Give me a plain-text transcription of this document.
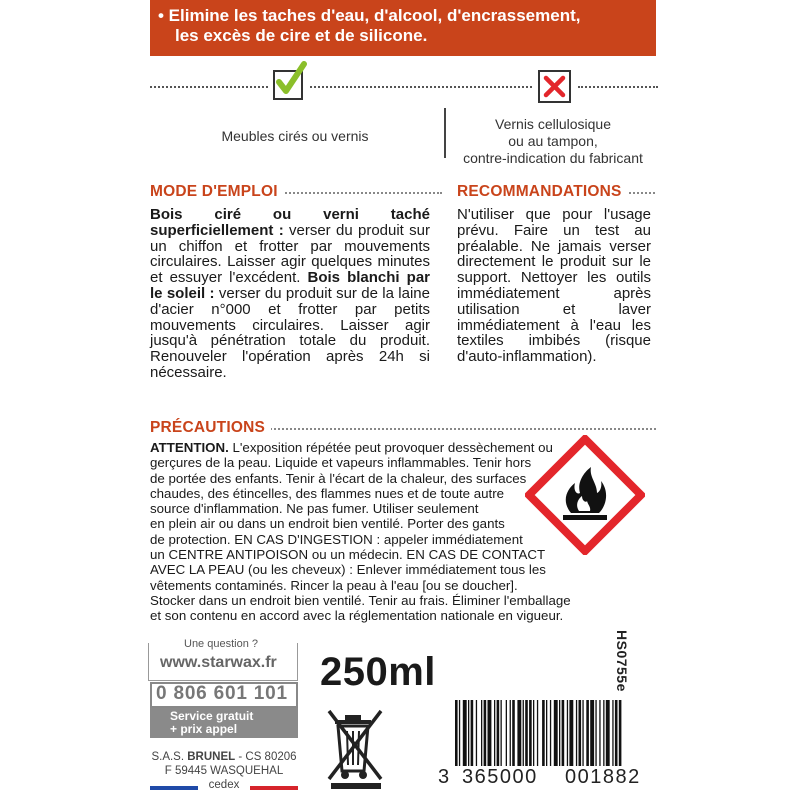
• Elimine les taches d'eau, d'alcool, d'encrassement,
les excès de cire et de silicone.
Meubles cirés ou vernis
Vernis cellulosique
ou au tampon,
contre-indication du fabricant
MODE D'EMPLOI
Bois ciré ou verni taché superficiellement : verser du produit sur un chiffon et frotter par mouvements circulaires. Laisser agir quelques minutes et essuyer l'excédent. Bois blanchi par le soleil : verser du produit sur de la laine d'acier n°000 et frotter par petits mouvements circulaires. Laisser agir jusqu'à pénétration totale du produit. Renouveler l'opération après 24h si nécessaire.
RECOMMANDATIONS
N'utiliser que pour l'usage prévu. Faire un test au préalable. Ne jamais verser directement le produit sur le support. Nettoyer les outils immédiatement après utilisation et laver immédiatement à l'eau les textiles imbibés (risque d'auto-inflammation).
PRÉCAUTIONS
ATTENTION. L'exposition répétée peut provoquer dessèchement ou
gerçures de la peau. Liquide et vapeurs inflammables. Tenir hors
de portée des enfants. Tenir à l'écart de la chaleur, des surfaces
chaudes, des étincelles, des flammes nues et de toute autre
source d'inflammation. Ne pas fumer. Utiliser seulement
en plein air ou dans un endroit bien ventilé. Porter des gants
de protection. EN CAS D'INGESTION : appeler immédiatement
un CENTRE ANTIPOISON ou un médecin. EN CAS DE CONTACT
AVEC LA PEAU (ou les cheveux) : Enlever immédiatement tous les
vêtements contaminés. Rincer la peau à l'eau [ou se doucher].
Stocker dans un endroit bien ventilé. Tenir au frais. Éliminer l'emballage
et son contenu en accord avec la réglementation nationale en vigueur.
Une question ?
www.starwax.fr
0 806 601 101
Service gratuit
+ prix appel
S.A.S. BRUNEL - CS 80206
F 59445 WASQUEHAL cedex
250ml	HS0755e
3 365000 001882
